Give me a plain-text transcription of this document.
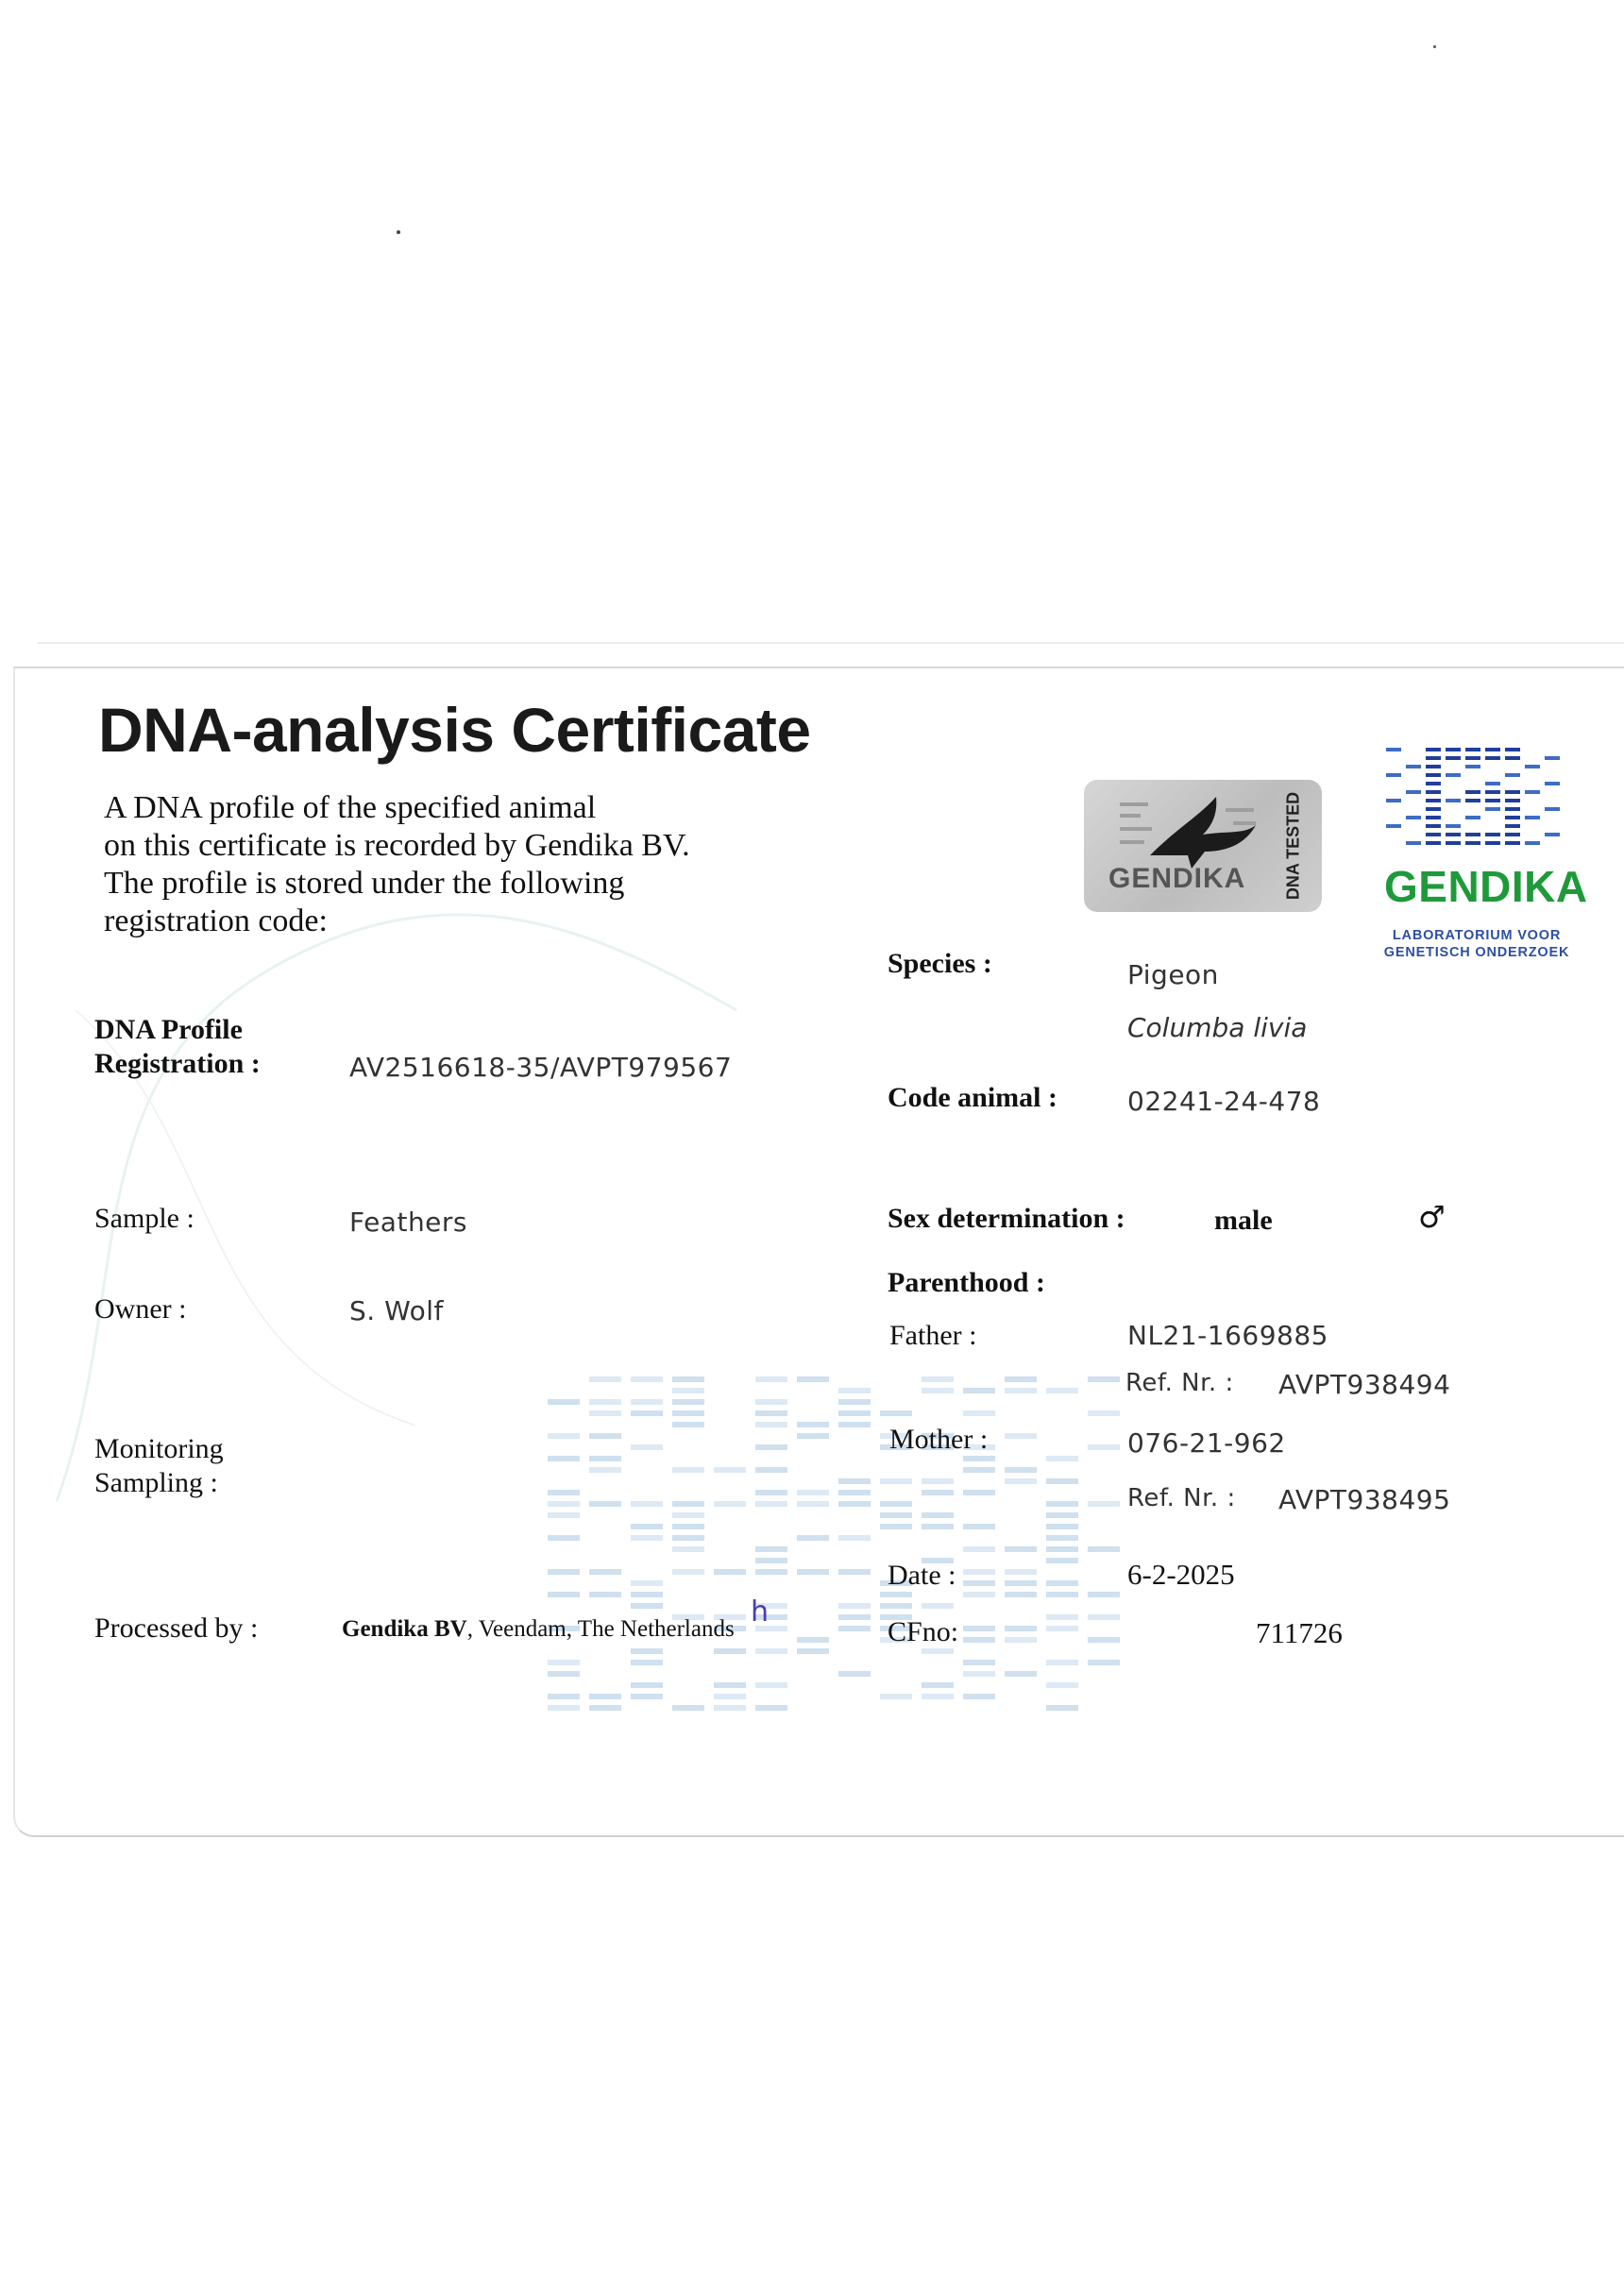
DNA-analysis Certificate
A DNA profile of the specified animal
on this certificate is recorded by Gendika BV.
The profile is stored under the following
registration code:
GENDIKA DNA TESTED GENDIKA
LABORATORIUM VOOR
GENETISCH ONDERZOEK
DNA Profile
Registration :	AV2516618-35/AVPT979567
Sample :	Feathers
Owner :	S. Wolf
Monitoring
Sampling :
Processed by :	Gendika BV, Veendam, The Netherlands
h
Species :	Pigeon
Columba livia
Code animal :	02241-24-478
Sex determination :	male	♂
Parenthood :
Father :	NL21-1669885
Ref. Nr. : AVPT938494
Mother :	076-21-962
Ref. Nr. : AVPT938495
Date :	6-2-2025
CFno:	711726
